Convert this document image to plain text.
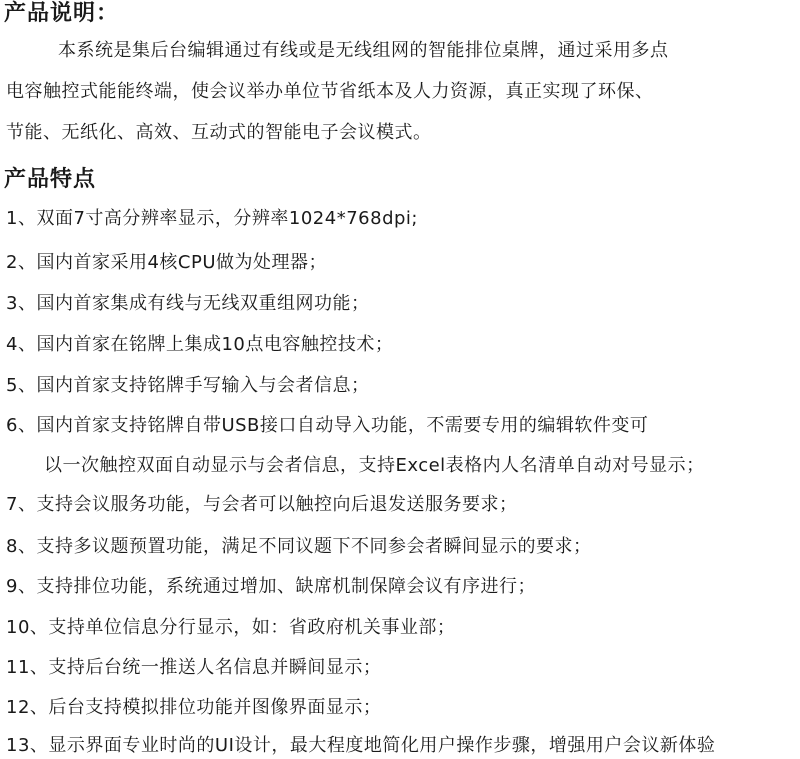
产品说明：
本系统是集后台编辑通过有线或是无线组网的智能排位桌牌，通过采用多点
电容触控式能能终端，使会议举办单位节省纸本及人力资源，真正实现了环保、
节能、无纸化、高效、互动式的智能电子会议模式。
产品特点
1、双面7寸高分辨率显示，分辨率1024*768dpi;
2、国内首家采用4核CPU做为处理器；
3、国内首家集成有线与无线双重组网功能；
4、国内首家在铭牌上集成10点电容触控技术；
5、国内首家支持铭牌手写输入与会者信息；
6、国内首家支持铭牌自带USB接口自动导入功能，不需要专用的编辑软件变可
以一次触控双面自动显示与会者信息，支持Excel表格内人名清单自动对号显示；
7、支持会议服务功能，与会者可以触控向后退发送服务要求；
8、支持多议题预置功能，满足不同议题下不同参会者瞬间显示的要求；
9、支持排位功能，系统通过增加、缺席机制保障会议有序进行；
10、支持单位信息分行显示，如：省政府机关事业部；
11、支持后台统一推送人名信息并瞬间显示；
12、后台支持模拟排位功能并图像界面显示；
13、显示界面专业时尚的UI设计，最大程度地简化用户操作步骤，增强用户会议新体验
